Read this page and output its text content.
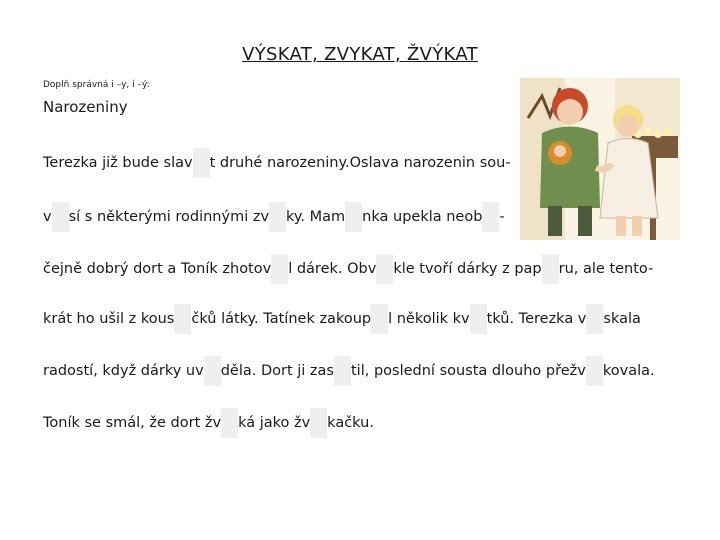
VÝSKAT, ZVYKAT, ŽVÝKAT
Doplň správná i –y, í –ý:
Narozeniny
Terezka již bude slav t druhé narozeniny.Oslava narozenin sou-
v sí s některými rodinnými zv ky. Mam nka upekla neob -
čejně dobrý dort a Toník zhotov l dárek. Obv kle tvoří dárky z pap ru, ale tento-
krát ho ušil z kous čků látky. Tatínek zakoup l několik kv tků. Terezka v skala
radostí, když dárky uv děla. Dort ji zas til, poslední sousta dlouho přežv kovala.
Toník se smál, že dort žv ká jako žv kačku.
